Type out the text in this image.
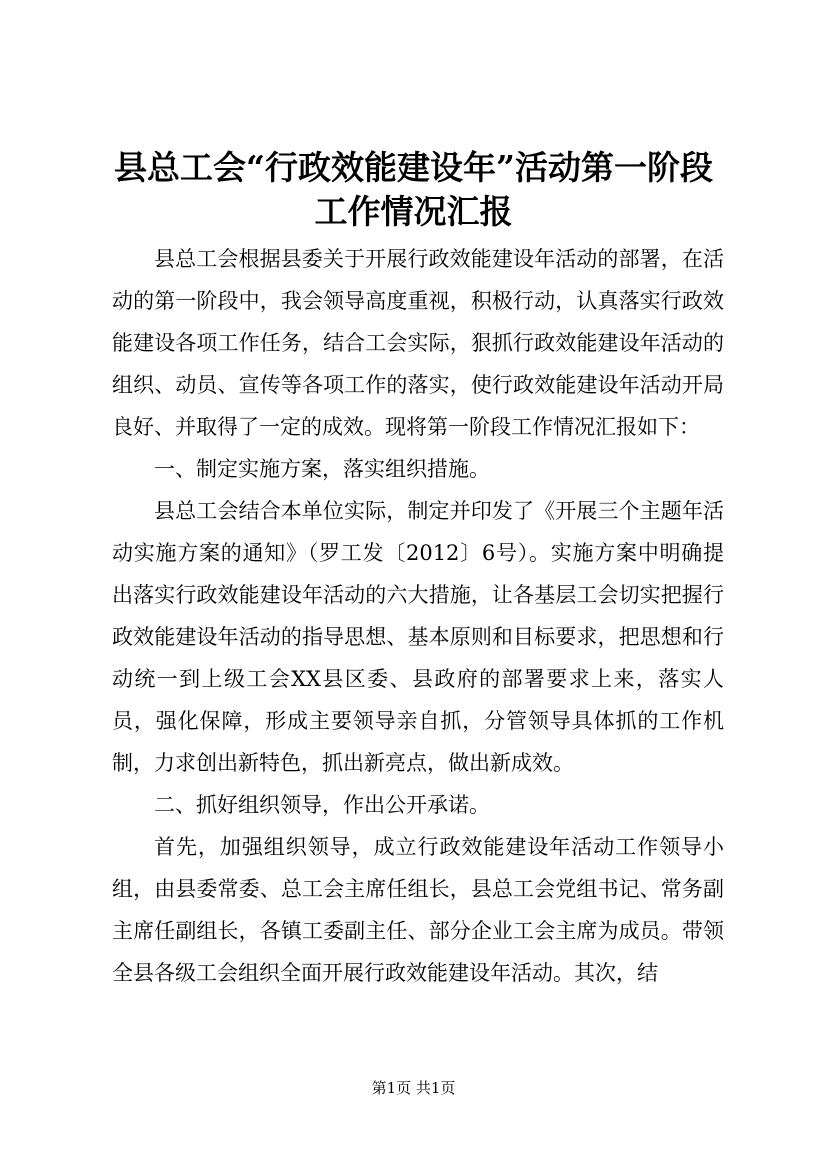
县总工会“行政效能建设年”活动第一阶段工作情况汇报

县总工会根据县委关于开展行政效能建设年活动的部署，在活动的第一阶段中，我会领导高度重视，积极行动，认真落实行政效能建设各项工作任务，结合工会实际，狠抓行政效能建设年活动的组织、动员、宣传等各项工作的落实，使行政效能建设年活动开局良好、并取得了一定的成效。现将第一阶段工作情况汇报如下：

一、制定实施方案，落实组织措施。

县总工会结合本单位实际，制定并印发了《开展三个主题年活动实施方案的通知》（罗工发〔2012〕6号）。实施方案中明确提出落实行政效能建设年活动的六大措施，让各基层工会切实把握行政效能建设年活动的指导思想、基本原则和目标要求，把思想和行动统一到上级工会XX县区委、县政府的部署要求上来，落实人员，强化保障，形成主要领导亲自抓，分管领导具体抓的工作机制，力求创出新特色，抓出新亮点，做出新成效。

二、抓好组织领导，作出公开承诺。

首先，加强组织领导，成立行政效能建设年活动工作领导小组，由县委常委、总工会主席任组长，县总工会党组书记、常务副主席任副组长，各镇工委副主任、部分企业工会主席为成员。带领全县各级工会组织全面开展行政效能建设年活动。其次，结

第1页 共1页
